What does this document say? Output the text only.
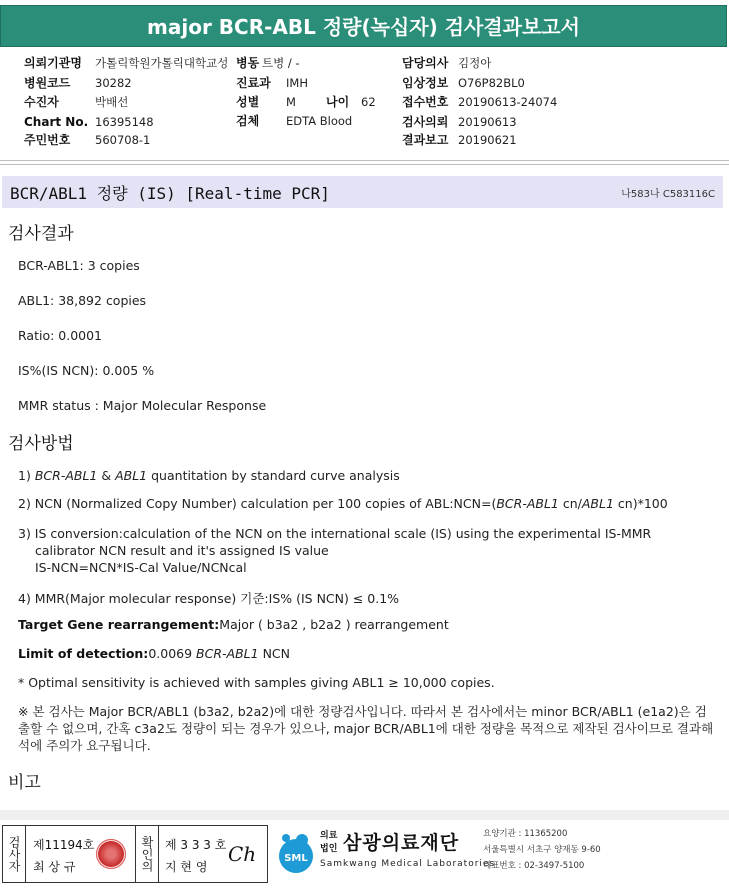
major BCR-ABL 정량(녹십자) 검사결과보고서
의뢰기관명 가톨릭학원가톨릭대학교성 병동 트병 / -	담당의사 김정아
병원코드 30282	진료과 IMH	임상정보 O76P82BL0
수진자	박배선	성별 M	나이 62 접수번호 20190613-24074
Chart No. 16395148	검체 EDTA Blood	검사의뢰 20190613
주민번호 560708-1	결과보고 20190621
BCR/ABL1 정량 (IS) [Real-time PCR]	나583나 C583116C
검사결과
BCR-ABL1: 3 copies
ABL1: 38,892 copies
Ratio: 0.0001
IS%(IS NCN): 0.005 %
MMR status : Major Molecular Response
검사방법
1) BCR-ABL1 & ABL1 quantitation by standard curve analysis
2) NCN (Normalized Copy Number) calculation per 100 copies of ABL:NCN=(BCR-ABL1 cn/ABL1 cn)*100
3) IS conversion:calculation of the NCN on the international scale (IS) using the experimental IS-MMR
calibrator NCN result and it's assigned IS value
IS-NCN=NCN*IS-Cal Value/NCNcal
4) MMR(Major molecular response) 기준:IS% (IS NCN) ≤ 0.1%
Target Gene rearrangement:Major ( b3a2 , b2a2 ) rearrangement
Limit of detection:0.0069 BCR-ABL1 NCN
* Optimal sensitivity is achieved with samples giving ABL1 ≥ 10,000 copies.
※ 본 검사는 Major BCR/ABL1 (b3a2, b2a2)에 대한 정량검사입니다. 따라서 본 검사에서는 minor BCR/ABL1 (e1a2)은 검출할 수 없으며, 간혹 c3a2도 정량이 되는 경우가 있으나, major BCR/ABL1에 대한 정량을 목적으로 제작된 검사이므로 결과해석에 주의가 요구됩니다.
비고
검사자 제11194호
최 상 규	확인의 제 3 3 3 호
지 현 영
Ch	SML
의료
법인 삼광의료재단
Samkwang Medical Laboratories
요양기관 : 11365200
서울특별시 서초구 양재동 9-60
대표번호 : 02-3497-5100
